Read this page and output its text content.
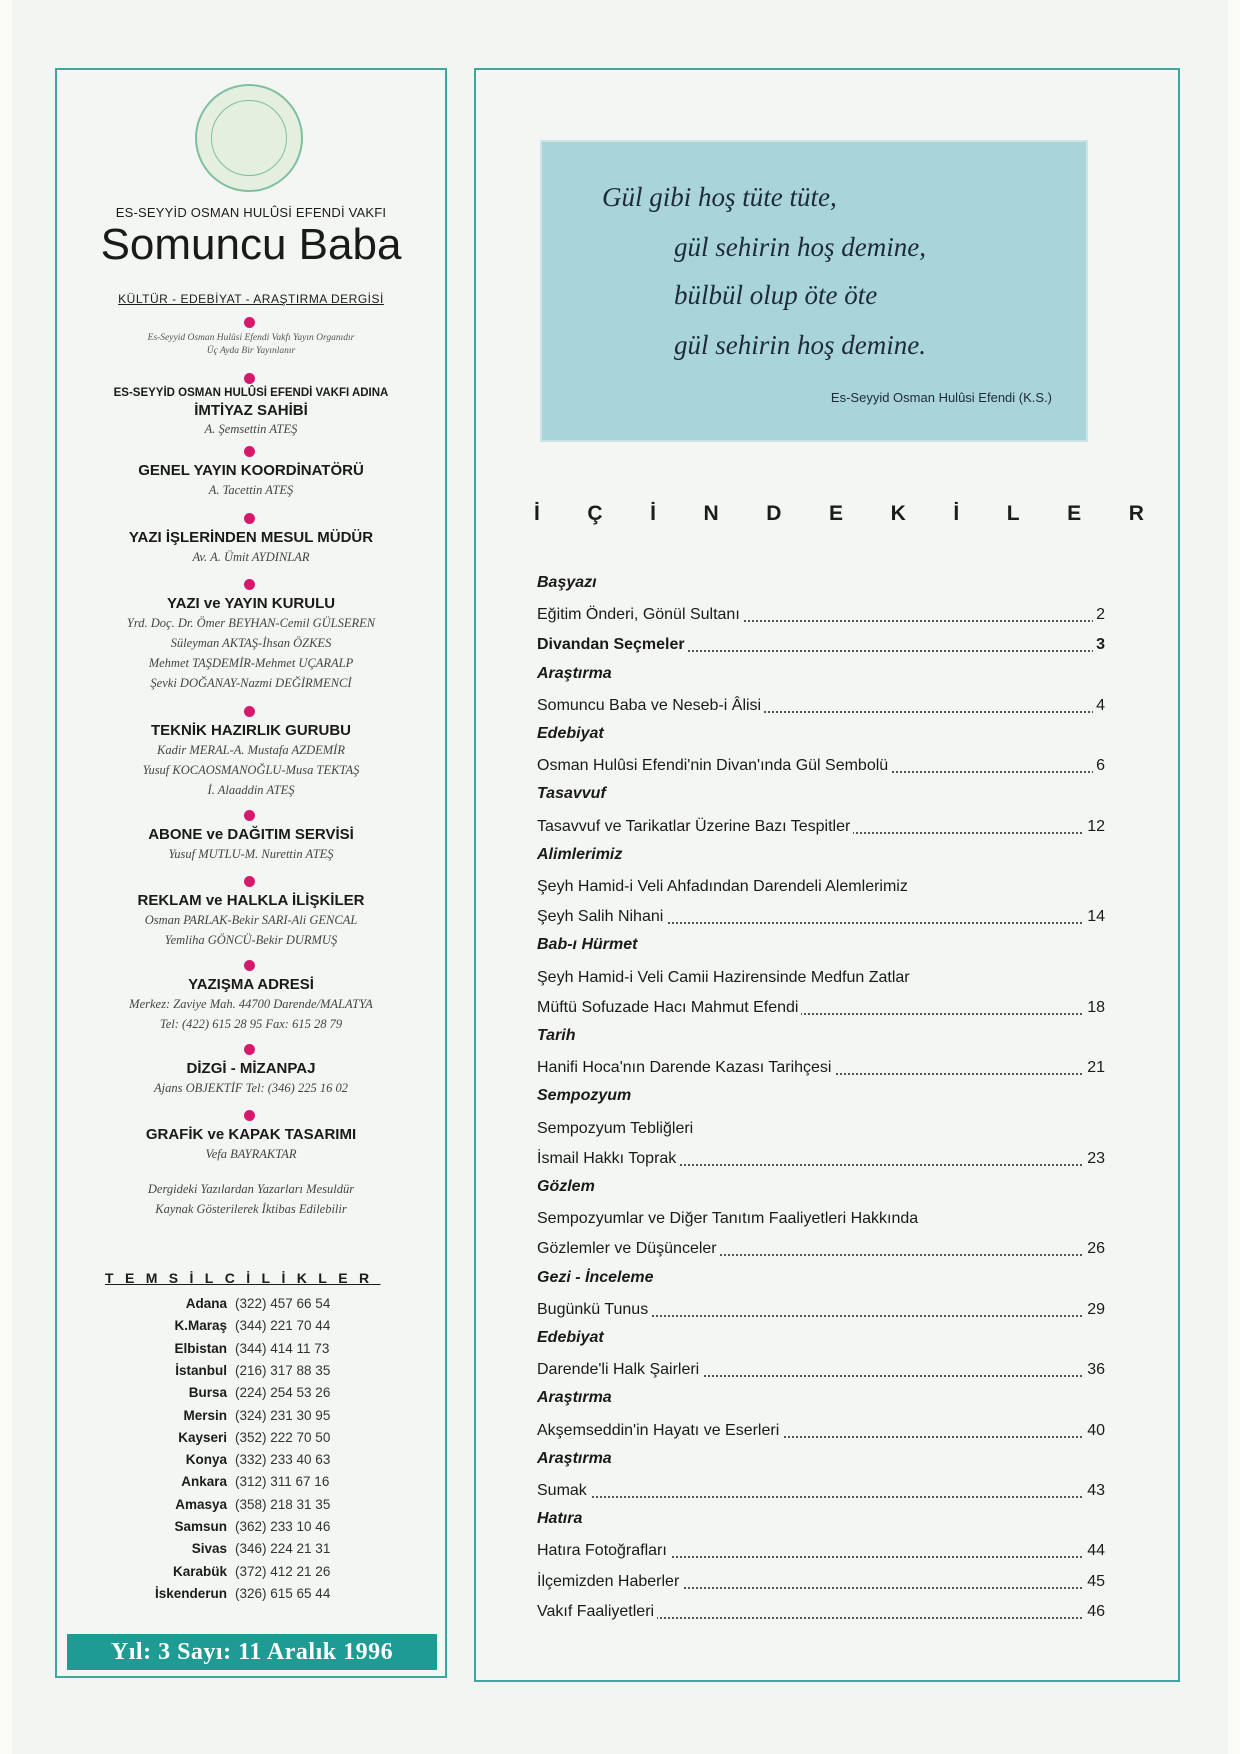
ES-SEYYİD OSMAN HULÛSİ EFENDİ VAKFI
Somuncu Baba
KÜLTÜR - EDEBİYAT - ARAŞTIRMA DERGİSİ
Es-Seyyid Osman Hulûsi Efendi Vakfı Yayın Organıdır
Üç Ayda Bir Yayınlanır
ES-SEYYİD OSMAN HULÛSİ EFENDİ VAKFI ADINA
İMTİYAZ SAHİBİ
A. Şemsettin ATEŞ
GENEL YAYIN KOORDİNATÖRÜ
A. Tacettin ATEŞ
YAZI İŞLERİNDEN MESUL MÜDÜR
Av. A. Ümit AYDINLAR
YAZI ve YAYIN KURULU
Yrd. Doç. Dr. Ömer BEYHAN-Cemil GÜLSEREN
Süleyman AKTAŞ-İhsan ÖZKES
Mehmet TAŞDEMİR-Mehmet UÇARALP
Şevki DOĞANAY-Nazmi DEĞİRMENCİ
TEKNİK HAZIRLIK GURUBU
Kadir MERAL-A. Mustafa AZDEMİR
Yusuf KOCAOSMANOĞLU-Musa TEKTAŞ
İ. Alaaddin ATEŞ
ABONE ve DAĞITIM SERVİSİ
Yusuf MUTLU-M. Nurettin ATEŞ
REKLAM ve HALKLA İLİŞKİLER
Osman PARLAK-Bekir SARI-Ali GENCAL
Yemliha GÖNCÜ-Bekir DURMUŞ
YAZIŞMA ADRESİ
Merkez: Zaviye Mah. 44700 Darende/MALATYA
Tel: (422) 615 28 95 Fax: 615 28 79
DİZGİ - MİZANPAJ
Ajans OBJEKTİF Tel: (346) 225 16 02
GRAFİK ve KAPAK TASARIMI
Vefa BAYRAKTAR
Dergideki Yazılardan Yazarları Mesuldür
Kaynak Gösterilerek İktibas Edilebilir
TEMSİLCİLİKLER
Adana (322) 457 66 54
K.Maraş (344) 221 70 44
Elbistan (344) 414 11 73
İstanbul (216) 317 88 35
Bursa (224) 254 53 26
Mersin (324) 231 30 95
Kayseri (352) 222 70 50
Konya (332) 233 40 63
Ankara (312) 311 67 16
Amasya (358) 218 31 35
Samsun (362) 233 10 46
Sivas (346) 224 21 31
Karabük (372) 412 21 26
İskenderun (326) 615 65 44
Yıl: 3 Sayı: 11 Aralık 1996
Gül gibi hoş tüte tüte,
gül sehirin hoş demine,
bülbül olup öte öte
gül sehirin hoş demine.
Es-Seyyid Osman Hulûsi Efendi (K.S.)
İ Ç İ N D E K İ L E R
Başyazı
Eğitim Önderi, Gönül Sultanı	2
Divandan Seçmeler	3
Araştırma
Somuncu Baba ve Neseb-i Âlisi	4
Edebiyat
Osman Hulûsi Efendi'nin Divan'ında Gül Sembolü	6
Tasavvuf
Tasavvuf ve Tarikatlar Üzerine Bazı Tespitler	12
Alimlerimiz
Şeyh Hamid-i Veli Ahfadından Darendeli Alemlerimiz
Şeyh Salih Nihani	14
Bab-ı Hürmet
Şeyh Hamid-i Veli Camii Hazirensinde Medfun Zatlar
Müftü Sofuzade Hacı Mahmut Efendi	18
Tarih
Hanifi Hoca'nın Darende Kazası Tarihçesi	21
Sempozyum
Sempozyum Tebliğleri
İsmail Hakkı Toprak	23
Gözlem
Sempozyumlar ve Diğer Tanıtım Faaliyetleri Hakkında
Gözlemler ve Düşünceler	26
Gezi - İnceleme
Bugünkü Tunus	29
Edebiyat
Darende'li Halk Şairleri	36
Araştırma
Akşemseddin'in Hayatı ve Eserleri	40
Araştırma
Sumak	43
Hatıra
Hatıra Fotoğrafları	44
İlçemizden Haberler	45
Vakıf Faaliyetleri	46
